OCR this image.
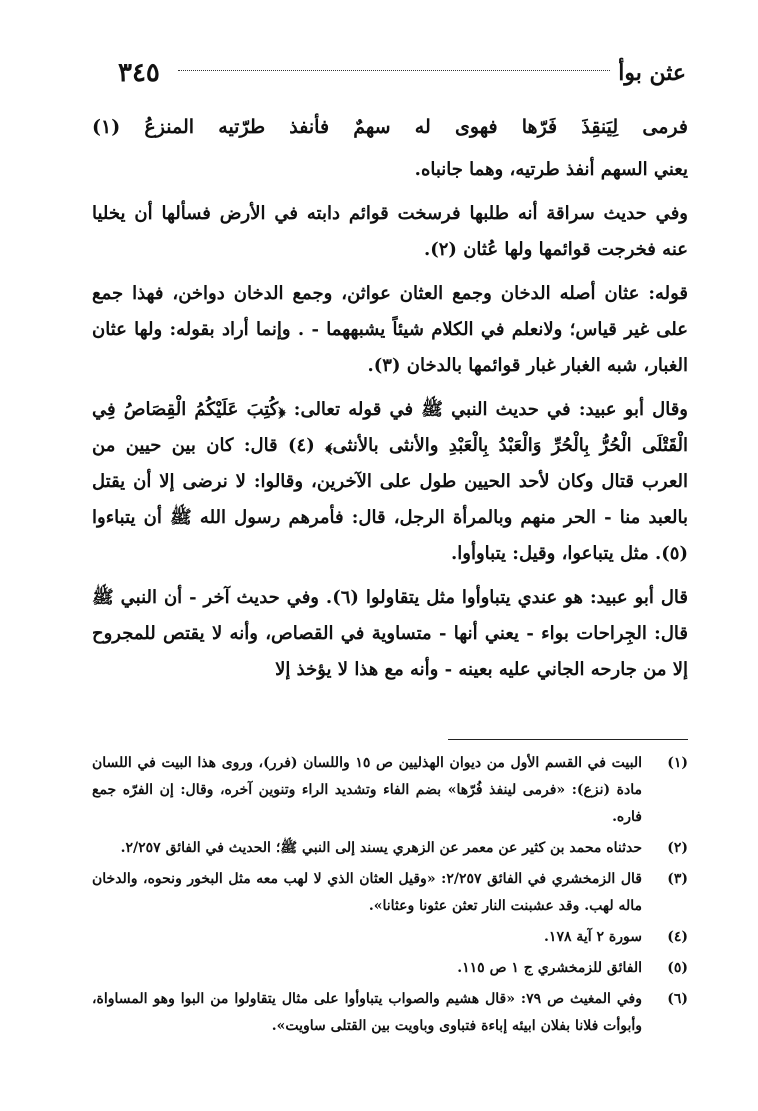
٣٤٥	عثن بوأ

فرمى لِيَنقِذَ فَرّها فهوى له سهمٌ فأنفذ طرّتيه المنزعُ (١)

يعني السهم أنفذ طرتيه، وهما جانباه.

وفي حديث سراقة أنه طلبها فرسخت قوائم دابته في الأرض فسألها أن يخليا عنه فخرجت قوائمها ولها عُثان (٢).

قوله: عثان أصله الدخان وجمع العثان عواثن، وجمع الدخان دواخن، فهذا جمع على غير قياس؛ ولانعلم في الكلام شيئاً يشبههما - . وإنما أراد بقوله: ولها عثان الغبار، شبه الغبار غبار قوائمها بالدخان (٣).

وقال أبو عبيد: في حديث النبي ﷺ في قوله تعالى: ﴿كُتِبَ عَلَيْكُمُ الْقِصَاصُ فِي الْقَتْلَى الْحُرُّ بِالْحُرِّ وَالْعَبْدُ بِالْعَبْدِ والأنثى بالأنثى﴾ (٤) قال: كان بين حيين من العرب قتال وكان لأحد الحيين طول على الآخرين، وقالوا: لا نرضى إلا أن يقتل بالعبد منا - الحر منهم وبالمرأة الرجل، قال: فأمرهم رسول الله ﷺ أن يتباءوا (٥). مثل يتباعوا، وقيل: يتباوأوا.

قال أبو عبيد: هو عندي يتباوأوا مثل يتقاولوا (٦). وفي حديث آخر - أن النبي ﷺ قال: الجِراحات بواء - يعني أنها - متساوية في القصاص، وأنه لا يقتص للمجروح إلا من جارحه الجاني عليه بعينه - وأنه مع هذا لا يؤخذ إلا

(١)
البيت في القسم الأول من ديوان الهذليين ص ١٥ واللسان (فرر)، وروى هذا البيت في اللسان مادة (نزع): «فرمى لينفذ فُرّها» بضم الفاء وتشديد الراء وتنوين آخره، وقال: إن الفرّه جمع فاره.
(٢)
حدثناه محمد بن كثير عن معمر عن الزهري يسند إلى النبي ﷺ؛ الحديث في الفائق ٢/٢٥٧.
(٣)
قال الزمخشري في الفائق ٢/٢٥٧: «وقيل العثان الذي لا لهب معه مثل البخور ونحوه، والدخان ماله لهب. وقد عشبنت النار تعثن عثونا وعثانا».
(٤)
سورة ٢ آية ١٧٨.
(٥)
الفائق للزمخشري ج ١ ص ١١٥.
(٦)
وفي المغيث ص ٧٩: «قال هشيم والصواب يتباوأوا على مثال يتقاولوا من البوا وهو المساواة، وأبوأت فلانا بفلان ابيئه إباءة فتباوى وباويت بين القتلى ساويت».
